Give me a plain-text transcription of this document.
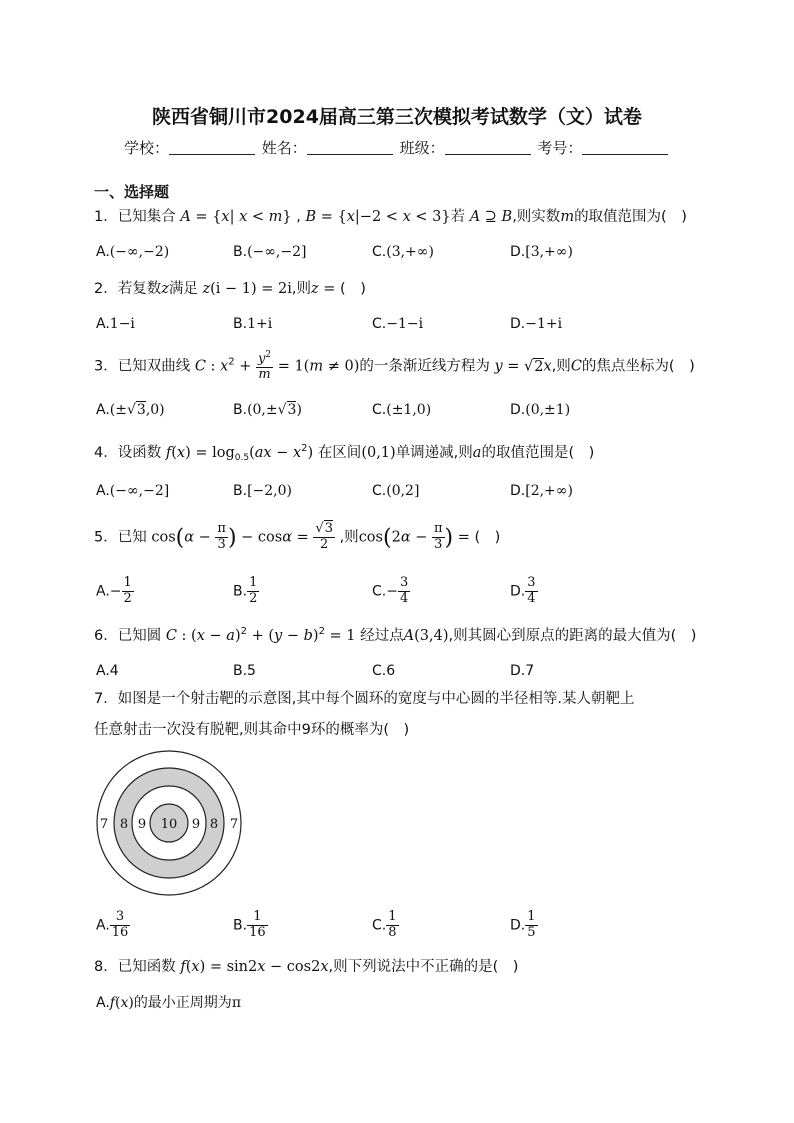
陕西省铜川市2024届高三第三次模拟考试数学（文）试卷
学校：	姓名：	班级：	考号：
一、选择题
1．已知集合 A = {x| x < m} , B = {x|−2 < x < 3}若 A ⊇ B,则实数m的取值范围为(　)
A.(−∞,−2)	B.(−∞,−2]	C.(3,+∞)	D.[3,+∞)
2．若复数z满足 z(i − 1) = 2i,则z = (　)
A.1−i	B.1+i	C.−1−i	D.−1+i
3．已知双曲线 C : $x^2 + \frac{y^2}{m} = 1(m \ne 0)$的一条渐近线方程为 y = √2x,则C的焦点坐标为(　)
A.(±√3,0)	B.(0,±√3)	C.(±1,0)	D.(0,±1)
4．设函数 $f(x) = \log_{0.5}(ax - x^2)$ 在区间(0,1)单调递减,则a的取值范围是(　)
A.(−∞,−2]	B.[−2,0)	C.(0,2]	D.[2,+∞)
5．已知 $\cos(\alpha - \frac{\pi}{3}$ ) − $\cos\alpha = \frac{√3}{2}$ ,则$\cos(2\alpha - \frac{\pi}{3}$ ) = (　)
$A.- \frac{1}{2}$	B. $\frac{1}{2}$	$C.- \frac{3}{4}$	D. $\frac{3}{4}$
6．已知圆 C : $(x - a)^2 + (y - b)^2 = 1$ 经过点A(3,4),则其圆心到原点的距离的最大值为(　)
A.4	B.5	C.6	D.7
7．如图是一个射击靶的示意图,其中每个圆环的宽度与中心圆的半径相等.某人朝靶上
任意射击一次没有脱靶,则其命中9环的概率为(　)
7 8 9 10 9 8 7
A. $\frac{3}{16}$	B. $\frac{1}{16}$	C. $\frac{1}{8}$	D. $\frac{1}{5}$
8．已知函数 f(x) = sin2x − cos2x,则下列说法中不正确的是(　)
A.f(x)的最小正周期为π
